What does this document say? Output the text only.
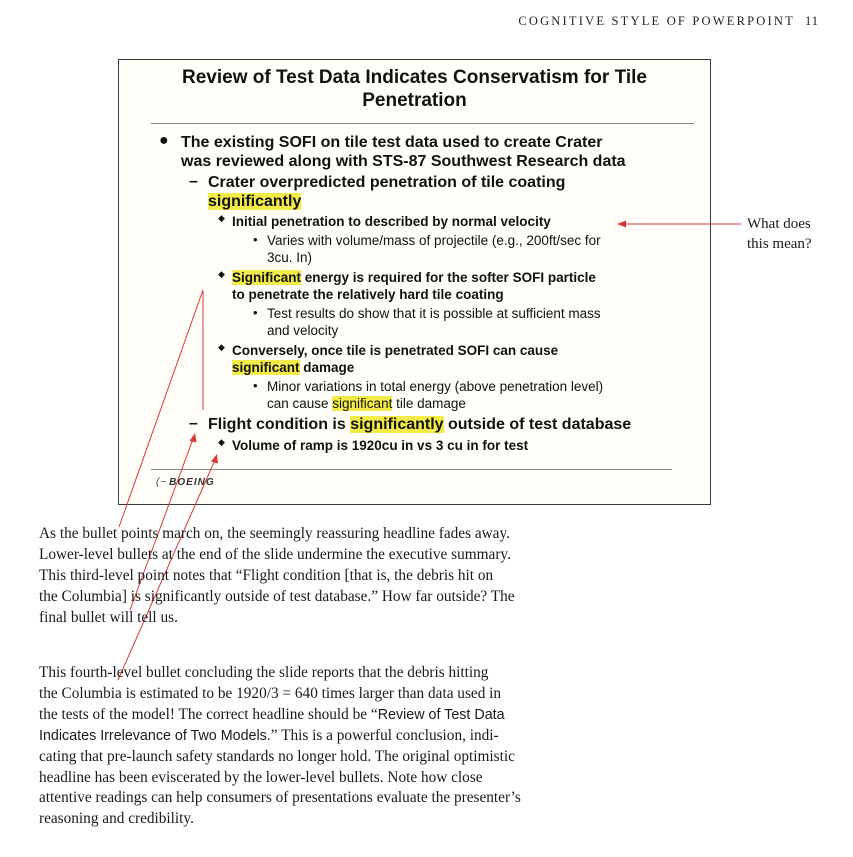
COGNITIVE STYLE OF POWERPOINT 11
Review of Test Data Indicates Conservatism for Tile
Penetration
● The existing SOFI on tile test data used to create Crater
was reviewed along with STS-87 Southwest Research data
– Crater overpredicted penetration of tile coating
significantly
◆ Initial penetration to described by normal velocity
• Varies with volume/mass of projectile (e.g., 200ft/sec for
3cu. In)
◆ Significant energy is required for the softer SOFI particle
to penetrate the relatively hard tile coating
• Test results do show that it is possible at sufficient mass
and velocity
◆ Conversely, once tile is penetrated SOFI can cause
significant damage
• Minor variations in total energy (above penetration level)
can cause significant tile damage
– Flight condition is significantly outside of test database
◆ Volume of ramp is 1920cu in vs 3 cu in for test
(~ BOEING
What does
this mean?
As the bullet points march on, the seemingly reassuring headline fades away.
Lower-level bullets at the end of the slide undermine the executive summary.
This third-level point notes that “Flight condition [that is, the debris hit on
the Columbia] is significantly outside of test database.” How far outside? The
final bullet will tell us.
This fourth-level bullet concluding the slide reports that the debris hitting
the Columbia is estimated to be 1920/3 = 640 times larger than data used in
the tests of the model! The correct headline should be “Review of Test Data
Indicates Irrelevance of Two Models.” This is a powerful conclusion, indi-
cating that pre-launch safety standards no longer hold. The original optimistic
headline has been eviscerated by the lower-level bullets. Note how close
attentive readings can help consumers of presentations evaluate the presenter’s
reasoning and credibility.
